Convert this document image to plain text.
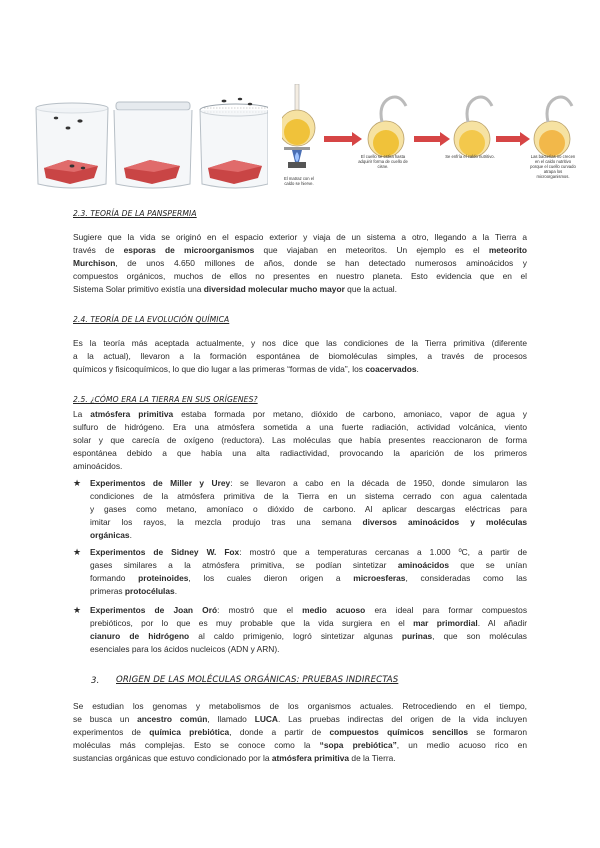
El matraz con el caldo se hierve.
El cuello se estira hasta adquirir forma de cuello de cisne.
Se enfría el caldo nutritivo.	Las bacterias no crecen en el caldo nutritivo porque el cuello curvado atrapa los microorganismos.
2.3. TEORÍA DE LA PANSPERMIA
Sugiere que la vida se originó en el espacio exterior y viaja de un sistema a otro, llegando a la Tierra a
través de esporas de microorganismos que viajaban en meteoritos. Un ejemplo es el meteorito
Murchison, de unos 4.650 millones de años, donde se han detectado numerosos aminoácidos y
compuestos orgánicos, muchos de ellos no presentes en nuestro planeta. Esto evidencia que en el
Sistema Solar primitivo existía una diversidad molecular mucho mayor que la actual.
2.4. TEORÍA DE LA EVOLUCIÓN QUÍMICA
Es la teoría más aceptada actualmente, y nos dice que las condiciones de la Tierra primitiva (diferente
a la actual), llevaron a la formación espontánea de biomoléculas simples, a través de procesos
químicos y fisicoquímicos, lo que dio lugar a las primeras “formas de vida”, los coacervados.
2.5. ¿CÓMO ERA LA TIERRA EN SUS ORÍGENES?
La atmósfera primitiva estaba formada por metano, dióxido de carbono, amoniaco, vapor de agua y
sulfuro de hidrógeno. Era una atmósfera sometida a una fuerte radiación, actividad volcánica, viento
solar y que carecía de oxígeno (reductora). Las moléculas que había presentes reaccionaron de forma
espontánea debido a que había una alta radiactividad, provocando la aparición de los primeros
aminoácidos.
★ Experimentos de Miller y Urey: se llevaron a cabo en la década de 1950, donde simularon las
condiciones de la atmósfera primitiva de la Tierra en un sistema cerrado con agua calentada
y gases como metano, amoníaco o dióxido de carbono. Al aplicar descargas eléctricas para
imitar los rayos, la mezcla produjo tras una semana diversos aminoácidos y moléculas
orgánicas.
★ Experimentos de Sidney W. Fox: mostró que a temperaturas cercanas a 1.000 ºC, a partir de
gases similares a la atmósfera primitiva, se podían sintetizar aminoácidos que se unían
formando proteinoides, los cuales dieron origen a microesferas, consideradas como las
primeras protocélulas.
★ Experimentos de Joan Oró: mostró que el medio acuoso era ideal para formar compuestos
prebióticos, por lo que es muy probable que la vida surgiera en el mar primordial. Al añadir
cianuro de hidrógeno al caldo primigenio, logró sintetizar algunas purinas, que son moléculas
esenciales para los ácidos nucleicos (ADN y ARN).
3. ORIGEN DE LAS MOLÉCULAS ORGÁNICAS: PRUEBAS INDIRECTAS
Se estudian los genomas y metabolismos de los organismos actuales. Retrocediendo en el tiempo,
se busca un ancestro común, llamado LUCA. Las pruebas indirectas del origen de la vida incluyen
experimentos de química prebiótica, donde a partir de compuestos químicos sencillos se formaron
moléculas más complejas. Esto se conoce como la “sopa prebiótica”, un medio acuoso rico en
sustancias orgánicas que estuvo condicionado por la atmósfera primitiva de la Tierra.
